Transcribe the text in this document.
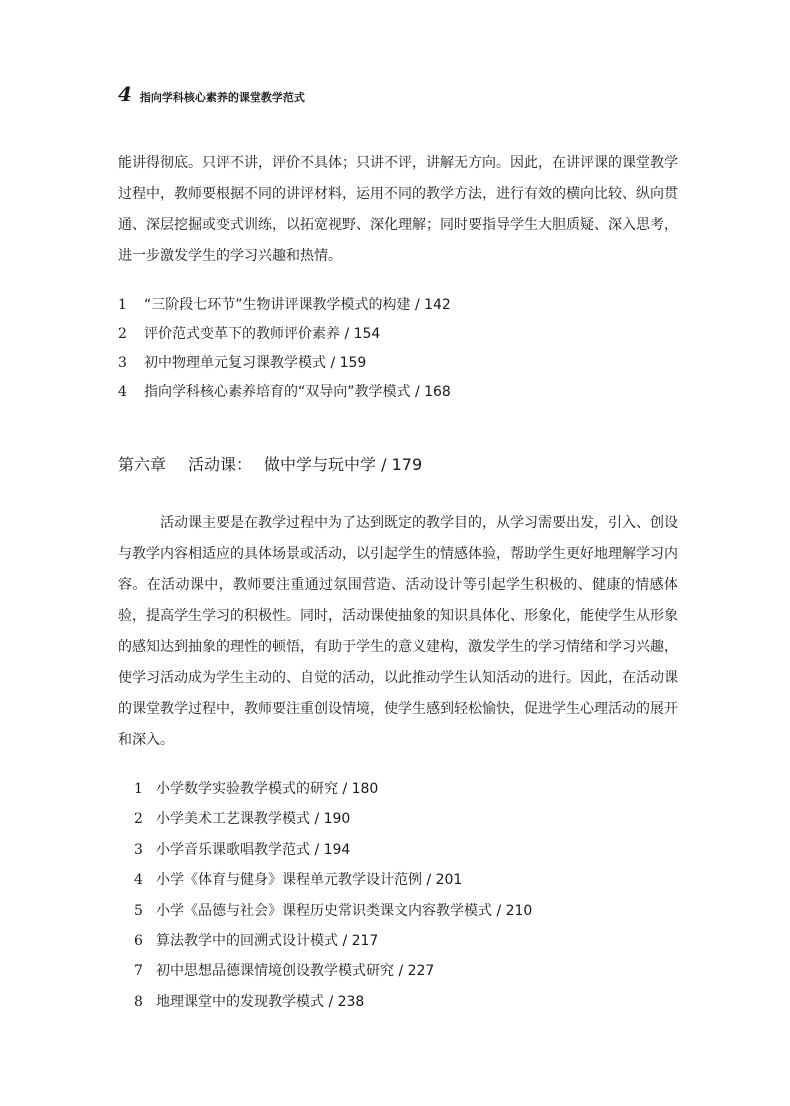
4 指向学科核心素养的课堂教学范式

能讲得彻底。只评不讲，评价不具体；只讲不评，讲解无方向。因此，在讲评课的课堂教学过程中，教师要根据不同的讲评材料，运用不同的教学方法，进行有效的横向比较、纵向贯通、深层挖掘或变式训练，以拓宽视野、深化理解；同时要指导学生大胆质疑、深入思考，进一步激发学生的学习兴趣和热情。

1	“三阶段七环节”生物讲评课教学模式的构建 / 142
2	评价范式变革下的教师评价素养 / 154
3	初中物理单元复习课教学模式 / 159
4	指向学科核心素养培育的“双导向”教学模式 / 168
第六章 活动课： 做中学与玩中学 / 179

活动课主要是在教学过程中为了达到既定的教学目的，从学习需要出发，引入、创设与教学内容相适应的具体场景或活动，以引起学生的情感体验，帮助学生更好地理解学习内容。在活动课中，教师要注重通过氛围营造、活动设计等引起学生积极的、健康的情感体验，提高学生学习的积极性。同时，活动课使抽象的知识具体化、形象化，能使学生从形象的感知达到抽象的理性的顿悟，有助于学生的意义建构，激发学生的学习情绪和学习兴趣，使学习活动成为学生主动的、自觉的活动，以此推动学生认知活动的进行。因此，在活动课的课堂教学过程中，教师要注重创设情境，使学生感到轻松愉快，促进学生心理活动的展开和深入。

1 小学数学实验教学模式的研究 / 180
2 小学美术工艺课教学模式 / 190
3 小学音乐课歌唱教学范式 / 194
4 小学《体育与健身》课程单元教学设计范例 / 201
5 小学《品德与社会》课程历史常识类课文内容教学模式 / 210
6 算法教学中的回溯式设计模式 / 217
7 初中思想品德课情境创设教学模式研究 / 227
8 地理课堂中的发现教学模式 / 238
